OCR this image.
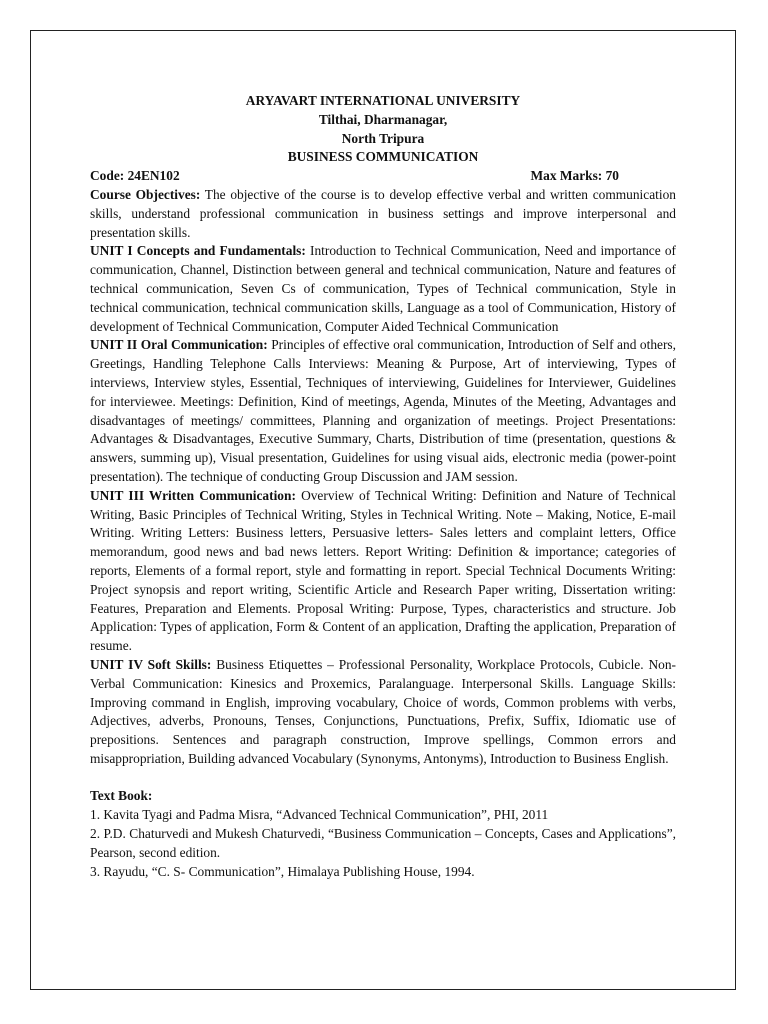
ARYAVART INTERNATIONAL UNIVERSITY
Tilthai, Dharmanagar,
North Tripura
BUSINESS COMMUNICATION
Code: 24EN102	Max Marks: 70

Course Objectives: The objective of the course is to develop effective verbal and written communication skills, understand professional communication in business settings and improve interpersonal and presentation skills.

UNIT I Concepts and Fundamentals: Introduction to Technical Communication, Need and importance of communication, Channel, Distinction between general and technical communication, Nature and features of technical communication, Seven Cs of communication, Types of Technical communication, Style in technical communication, technical communication skills, Language as a tool of Communication, History of development of Technical Communication, Computer Aided Technical Communication

UNIT II Oral Communication: Principles of effective oral communication, Introduction of Self and others, Greetings, Handling Telephone Calls Interviews: Meaning & Purpose, Art of interviewing, Types of interviews, Interview styles, Essential, Techniques of interviewing, Guidelines for Interviewer, Guidelines for interviewee. Meetings: Definition, Kind of meetings, Agenda, Minutes of the Meeting, Advantages and disadvantages of meetings/ committees, Planning and organization of meetings. Project Presentations: Advantages & Disadvantages, Executive Summary, Charts, Distribution of time (presentation, questions & answers, summing up), Visual presentation, Guidelines for using visual aids, electronic media (power-point presentation). The technique of conducting Group Discussion and JAM session.

UNIT III Written Communication: Overview of Technical Writing: Definition and Nature of Technical Writing, Basic Principles of Technical Writing, Styles in Technical Writing. Note – Making, Notice, E-mail Writing. Writing Letters: Business letters, Persuasive letters- Sales letters and complaint letters, Office memorandum, good news and bad news letters. Report Writing: Definition & importance; categories of reports, Elements of a formal report, style and formatting in report. Special Technical Documents Writing: Project synopsis and report writing, Scientific Article and Research Paper writing, Dissertation writing: Features, Preparation and Elements. Proposal Writing: Purpose, Types, characteristics and structure. Job Application: Types of application, Form & Content of an application, Drafting the application, Preparation of resume.

UNIT IV Soft Skills: Business Etiquettes – Professional Personality, Workplace Protocols, Cubicle. Non-Verbal Communication: Kinesics and Proxemics, Paralanguage. Interpersonal Skills. Language Skills: Improving command in English, improving vocabulary, Choice of words, Common problems with verbs, Adjectives, adverbs, Pronouns, Tenses, Conjunctions, Punctuations, Prefix, Suffix, Idiomatic use of prepositions. Sentences and paragraph construction, Improve spellings, Common errors and misappropriation, Building advanced Vocabulary (Synonyms, Antonyms), Introduction to Business English.

Text Book:

1. Kavita Tyagi and Padma Misra, “Advanced Technical Communication”, PHI, 2011

2. P.D. Chaturvedi and Mukesh Chaturvedi, “Business Communication – Concepts, Cases and Applications”, Pearson, second edition.

3. Rayudu, “C. S- Communication”, Himalaya Publishing House, 1994.
